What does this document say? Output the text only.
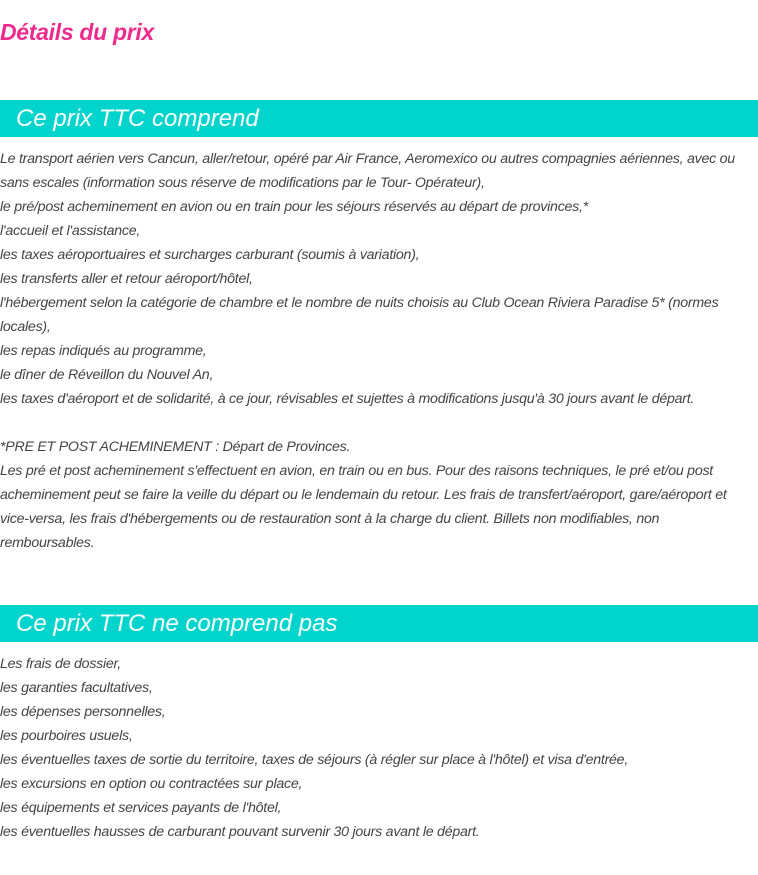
Détails du prix
Ce prix TTC comprend
Le transport aérien vers Cancun, aller/retour, opéré par Air France, Aeromexico ou autres compagnies aériennes, avec ou sans escales (information sous réserve de modifications par le Tour- Opérateur),
le pré/post acheminement en avion ou en train pour les séjours réservés au départ de provinces,*
l'accueil et l'assistance,
les taxes aéroportuaires et surcharges carburant (soumis à variation),
les transferts aller et retour aéroport/hôtel,
l'hébergement selon la catégorie de chambre et le nombre de nuits choisis au Club Ocean Riviera Paradise 5* (normes locales),
les repas indiqués au programme,
le dîner de Réveillon du Nouvel An,
les taxes d'aéroport et de solidarité, à ce jour, révisables et sujettes à modifications jusqu'à 30 jours avant le départ.
*PRE ET POST ACHEMINEMENT : Départ de Provinces.
Les pré et post acheminement s'effectuent en avion, en train ou en bus. Pour des raisons techniques, le pré et/ou post acheminement peut se faire la veille du départ ou le lendemain du retour. Les frais de transfert/aéroport, gare/aéroport et vice-versa, les frais d'hébergements ou de restauration sont à la charge du client. Billets non modifiables, non remboursables.
Ce prix TTC ne comprend pas
Les frais de dossier,
les garanties facultatives,
les dépenses personnelles,
les pourboires usuels,
les éventuelles taxes de sortie du territoire, taxes de séjours (à régler sur place à l'hôtel) et visa d'entrée,
les excursions en option ou contractées sur place,
les équipements et services payants de l'hôtel,
les éventuelles hausses de carburant pouvant survenir 30 jours avant le départ.
